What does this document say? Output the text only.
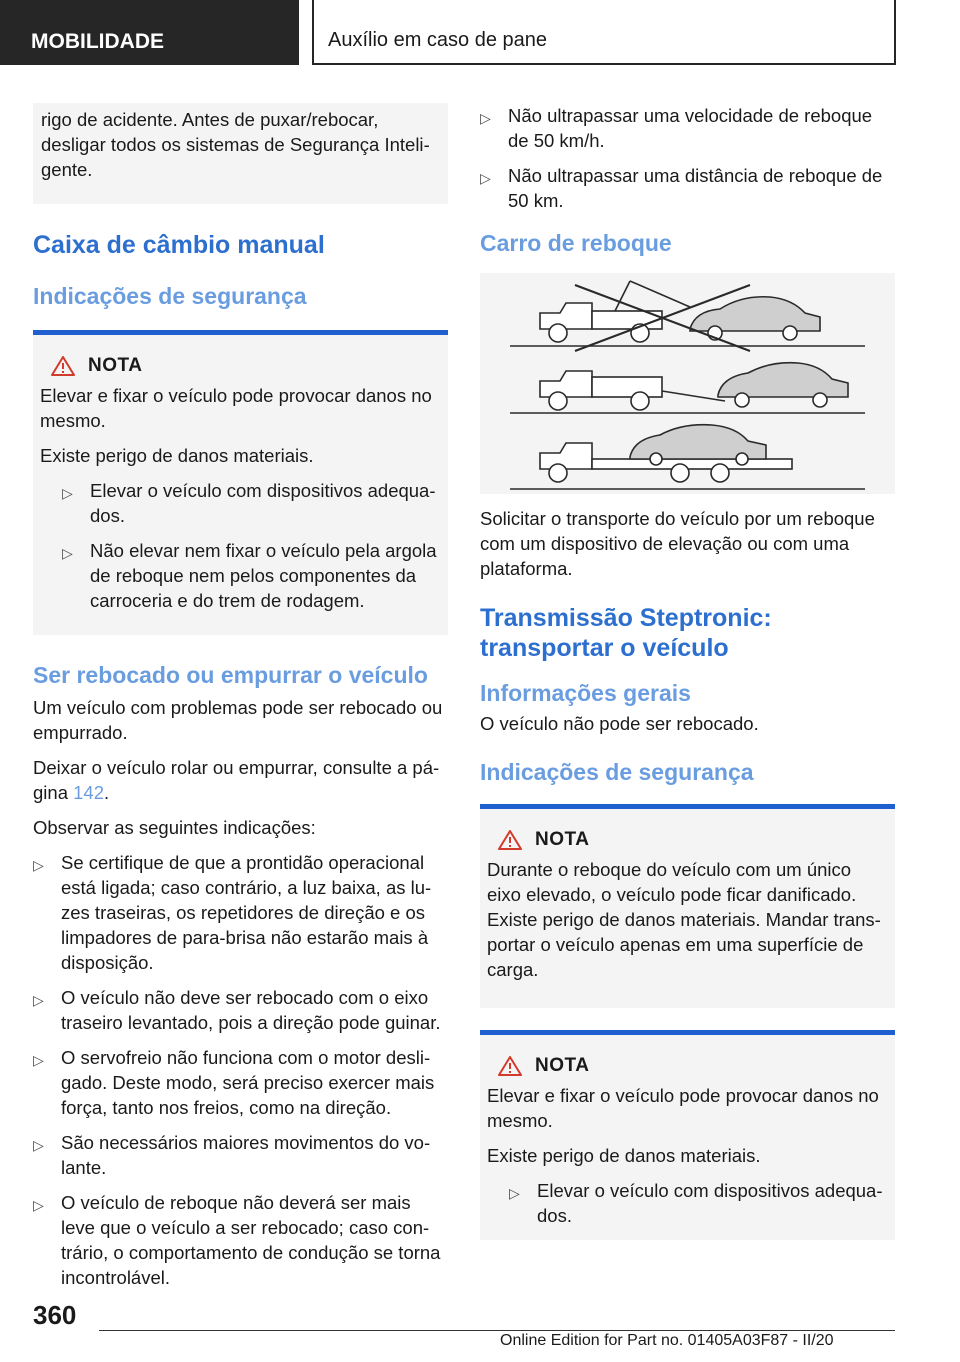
MOBILIDADE	Auxílio em caso de pane

rigo de acidente. Antes de puxar/rebocar, desligar todos os sistemas de Segurança Inteligente.

Caixa de câmbio manual
Indicações de segurança
NOTA

Elevar e fixar o veículo pode provocar danos no mesmo.

Existe perigo de danos materiais.

▷ Elevar o veículo com dispositivos adequados.
▷ Não elevar nem fixar o veículo pela argola de reboque nem pelos componentes da carroceria e do trem de rodagem.
Ser rebocado ou empurrar o veículo

Um veículo com problemas pode ser rebocado ou empurrado.

Deixar o veículo rolar ou empurrar, consulte a página 142.

Observar as seguintes indicações:

▷ Se certifique de que a prontidão operacional está ligada; caso contrário, a luz baixa, as luzes traseiras, os repetidores de direção e os limpadores de para-brisa não estarão mais à disposição.
▷ O veículo não deve ser rebocado com o eixo traseiro levantado, pois a direção pode guinar.
▷ O servofreio não funciona com o motor desligado. Deste modo, será preciso exercer mais força, tanto nos freios, como na direção.
▷ São necessários maiores movimentos do volante.
▷ O veículo de reboque não deverá ser mais leve que o veículo a ser rebocado; caso contrário, o comportamento de condução se torna incontrolável.
▷ Não ultrapassar uma velocidade de reboque de 50 km/h.
▷ Não ultrapassar uma distância de reboque de 50 km.
Carro de reboque

Solicitar o transporte do veículo por um reboque com um dispositivo de elevação ou com uma plataforma.

Transmissão Steptronic: transportar o veículo
Informações gerais

O veículo não pode ser rebocado.

Indicações de segurança
NOTA

Durante o reboque do veículo com um único eixo elevado, o veículo pode ficar danificado. Existe perigo de danos materiais. Mandar transportar o veículo apenas em uma superfície de carga.

NOTA

Elevar e fixar o veículo pode provocar danos no mesmo.

Existe perigo de danos materiais.

▷ Elevar o veículo com dispositivos adequados.
360
Online Edition for Part no. 01405A03F87 - II/20
